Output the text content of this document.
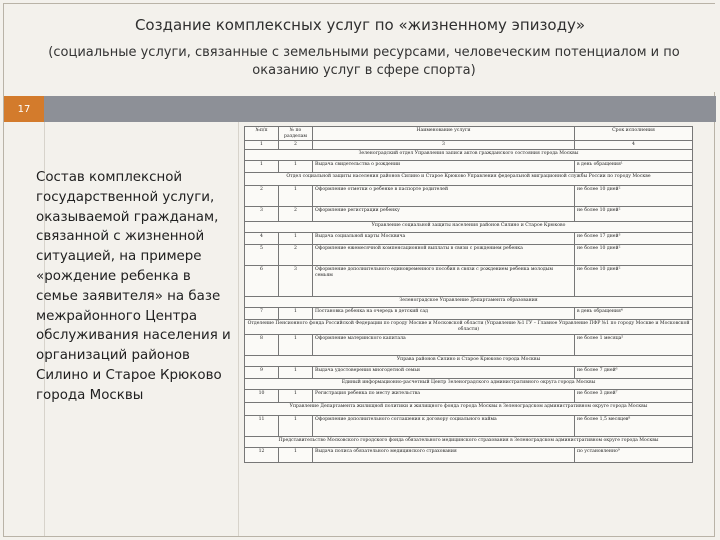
Создание комплексных услуг по «жизненному эпизоду»
(социальные услуги, связанные с земельными ресурсами, человеческим потенциалом и по оказанию услуг в сфере спорта)
17
Состав комплексной государственной услуги, оказываемой гражданам, связанной с жизненной ситуацией, на примере «рождение ребенка в семье заявителя» на базе межрайонного Центра обслуживания населения и организаций районов Силино и Старое Крюково города Москвы
№п/п	№ по разделам	Наименование услуги	Срок исполнения
1	2	3	4
Зеленоградский отдел Управления записи актов гражданского состояния города Москвы			
1	1	Выдача свидетельства о рождении	в день обращения¹
Отдел социальной защиты населения районов Силино и Старое Крюково Управления федеральной миграционной службы России по городу Москве			
2	1	Оформление отметки о ребенке в паспорте родителей	не более 10 дней²
3	2	Оформление регистрации ребенку	не более 10 дней²
Управление социальной защиты населения районов Силино и Старое Крюково			
4	1	Выдача социальной карты Москвича	не более 17 дней³
5	2	Оформление ежемесячной компенсационной выплаты в связи с рождением ребенка	не более 10 дней²
6	3	Оформление дополнительного единовременного пособия в связи с рождением ребенка молодым семьям	не более 10 дней²
Зеленоградское Управление Департамента образования			
7	1	Постановка ребенка на очередь в детский сад	в день обращения⁴
Отделение Пенсионного фонда Российской Федерации по городу Москве и Московской области (Управление №1 ГУ – Главное Управление ПФР №1 по городу Москве и Московской области)			
8	1	Оформление материнского капитала	не более 1 месяца⁵
Управа районов Силино и Старое Крюково города Москвы			
9	1	Выдача удостоверения многодетной семьи	не более 7 дней⁶
Единый информационно-расчетный Центр Зеленоградского административного округа города Москвы			
10	1	Регистрация ребенка по месту жительства	не более 3 дней⁷
Управление Департамента жилищной политики и жилищного фонда города Москвы в Зеленоградском административном округе города Москвы			
11	1	Оформление дополнительного соглашения к договору социального найма	не более 1,5 месяцев⁸
Представительство Московского городского фонда обязательного медицинского страхования в Зеленоградском административном округе города Москвы			
12	1	Выдача полиса обязательного медицинского страхования	по установленно⁹
